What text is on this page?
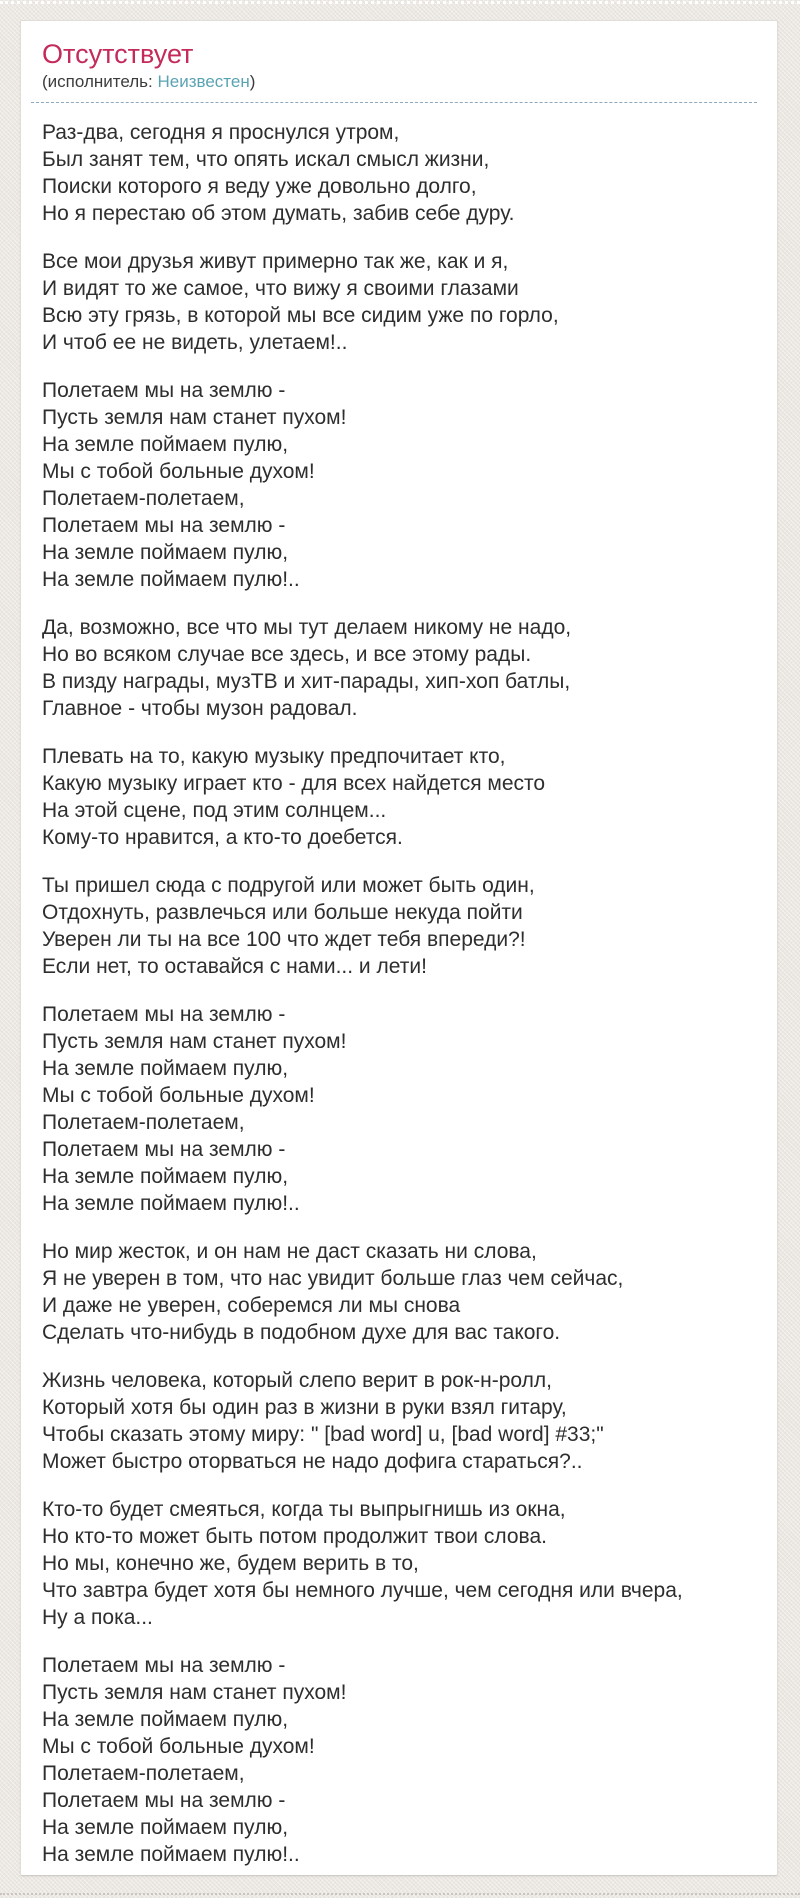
Отсутствует
(исполнитель: Неизвестен)

Раз-два, сегодня я проснулся утром,
Был занят тем, что опять искал смысл жизни,
Поиски которого я веду уже довольно долго,
Но я перестаю об этом думать, забив себе дуру.

Все мои друзья живут примерно так же, как и я,
И видят то же самое, что вижу я своими глазами
Всю эту грязь, в которой мы все сидим уже по горло,
И чтоб ее не видеть, улетаем!..

Полетаем мы на землю -
Пусть земля нам станет пухом!
На земле поймаем пулю,
Мы с тобой больные духом!
Полетаем-полетаем,
Полетаем мы на землю -
На земле поймаем пулю,
На земле поймаем пулю!..

Да, возможно, все что мы тут делаем никому не надо,
Но во всяком случае все здесь, и все этому рады.
В пизду награды, музТВ и хит-парады, хип-хоп батлы,
Главное - чтобы музон радовал.

Плевать на то, какую музыку предпочитает кто,
Какую музыку играет кто - для всех найдется место
На этой сцене, под этим солнцем...
Кому-то нравится, а кто-то доебется.

Ты пришел сюда с подругой или может быть один,
Отдохнуть, развлечься или больше некуда пойти
Уверен ли ты на все 100 что ждет тебя впереди?!
Если нет, то оставайся с нами... и лети!

Полетаем мы на землю -
Пусть земля нам станет пухом!
На земле поймаем пулю,
Мы с тобой больные духом!
Полетаем-полетаем,
Полетаем мы на землю -
На земле поймаем пулю,
На земле поймаем пулю!..

Но мир жесток, и он нам не даст сказать ни слова,
Я не уверен в том, что нас увидит больше глаз чем сейчас,
И даже не уверен, соберемся ли мы снова
Сделать что-нибудь в подобном духе для вас такого.

Жизнь человека, который слепо верит в рок-н-ролл,
Который хотя бы один раз в жизни в руки взял гитару,
Чтобы сказать этому миру: " [bad word] u, [bad word] #33;"
Может быстро оторваться не надо дофига стараться?..

Кто-то будет смеяться, когда ты выпрыгнишь из окна,
Но кто-то может быть потом продолжит твои слова.
Но мы, конечно же, будем верить в то,
Что завтра будет хотя бы немного лучше, чем сегодня или вчера,
Ну а пока...

Полетаем мы на землю -
Пусть земля нам станет пухом!
На земле поймаем пулю,
Мы с тобой больные духом!
Полетаем-полетаем,
Полетаем мы на землю -
На земле поймаем пулю,
На земле поймаем пулю!..
